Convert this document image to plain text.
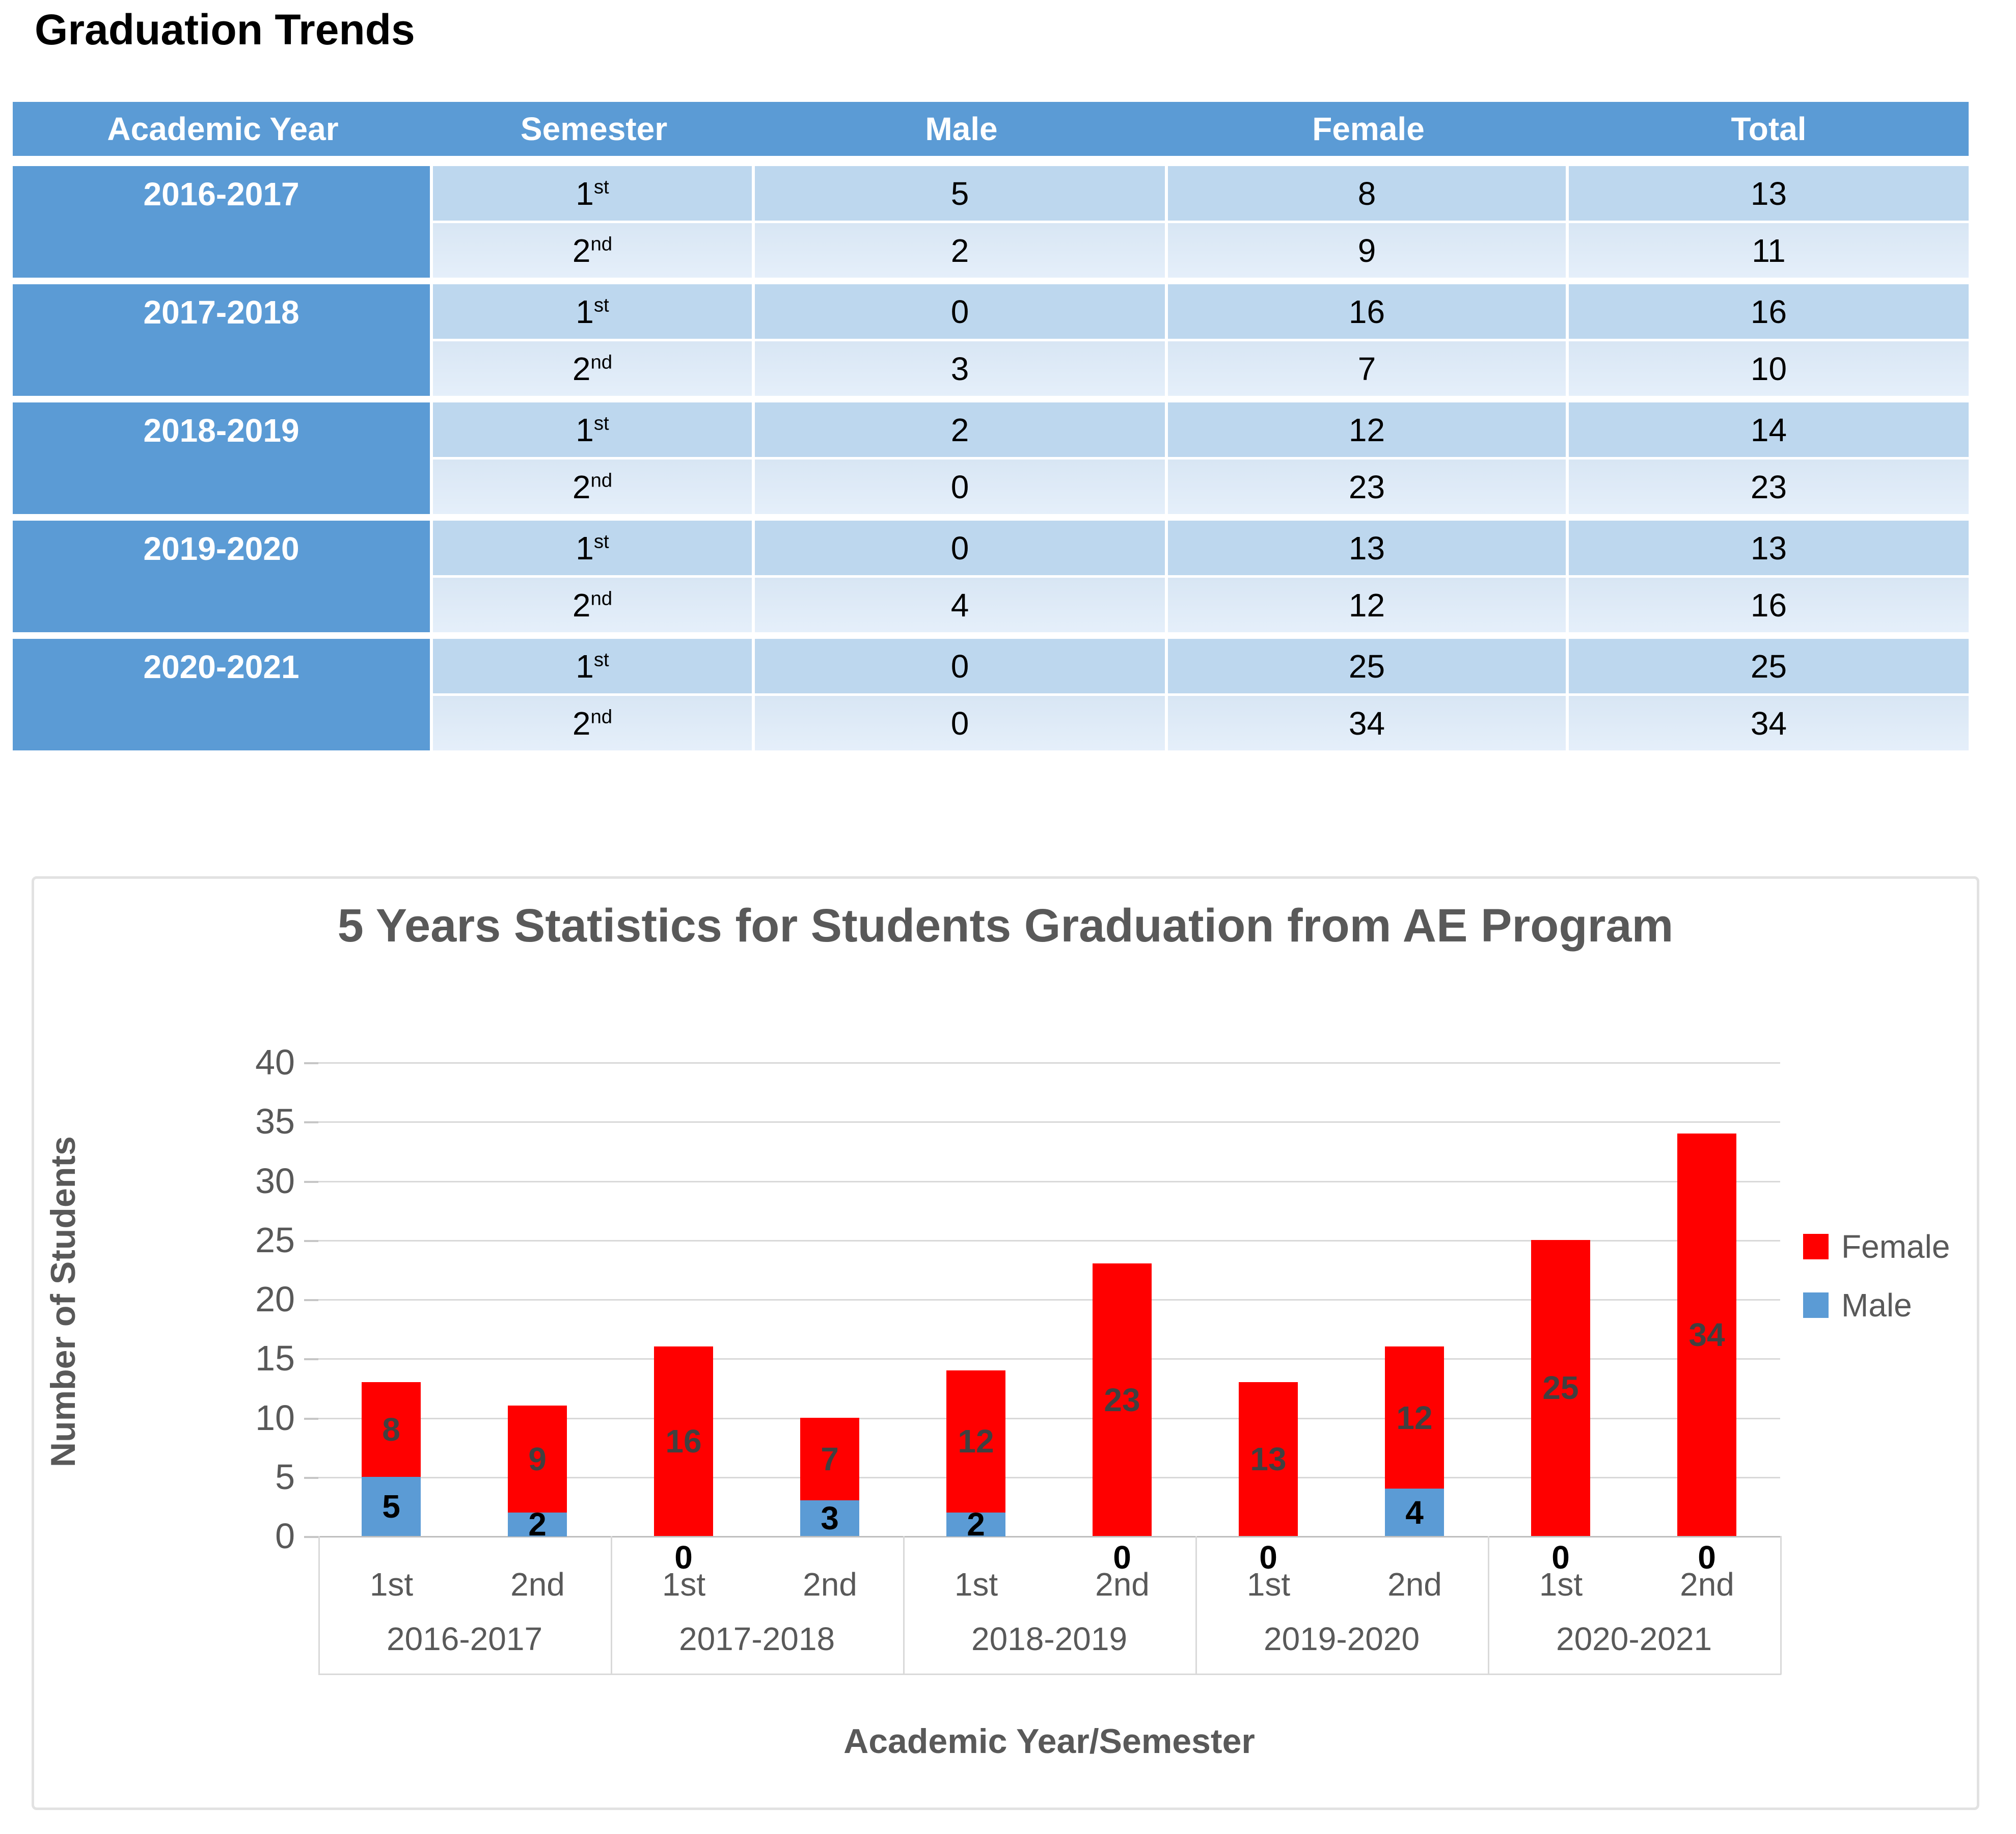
Graduation Trends
Academic Year	Semester	Male	Female	Total
2016-2017	1st	5	8	13
	2nd	2	9	11
2017-2018	1st	0	16	16
	2nd	3	7	10
2018-2019	1st	2	12	14
	2nd	0	23	23
2019-2020	1st	0	13	13
	2nd	4	12	16
2020-2021	1st	0	25	25
	2nd	0	34	34
5 Years Statistics for Students Graduation from AE Program
Number of Students
40
35
30
25
20
15
10
5
0
8
5
9
2
16
0
7
3
12
2
23
0
13
0
12
4
25
0
34
0
1st	2nd	1st	2nd	1st	2nd	1st	2nd	1st	2nd
2016-2017	2017-2018	2018-2019	2019-2020	2020-2021
Academic Year/Semester
Female
Male
